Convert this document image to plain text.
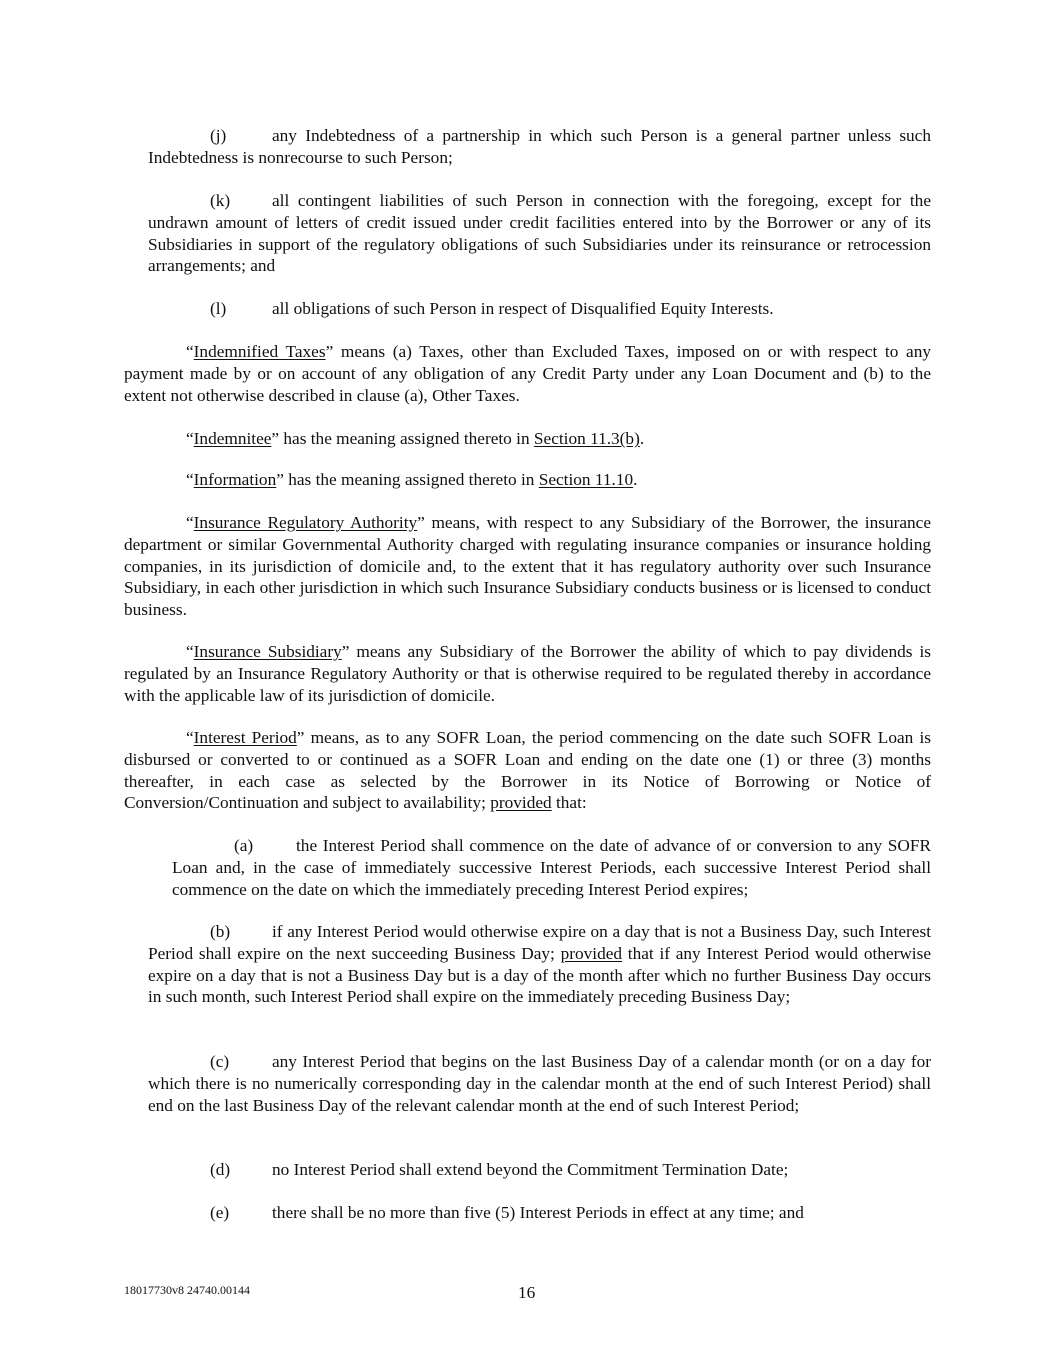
(j)	any Indebtedness of a partnership in which such Person is a general partner unless such Indebtedness is nonrecourse to such Person;

(k)	all contingent liabilities of such Person in connection with the foregoing, except for the undrawn amount of letters of credit issued under credit facilities entered into by the Borrower or any of its Subsidiaries in support of the regulatory obligations of such Subsidiaries under its reinsurance or retrocession arrangements; and

(l)	all obligations of such Person in respect of Disqualified Equity Interests.

“Indemnified Taxes” means (a) Taxes, other than Excluded Taxes, imposed on or with respect to any payment made by or on account of any obligation of any Credit Party under any Loan Document and (b) to the extent not otherwise described in clause (a), Other Taxes.

“Indemnitee” has the meaning assigned thereto in Section 11.3(b).

“Information” has the meaning assigned thereto in Section 11.10.

“Insurance Regulatory Authority” means, with respect to any Subsidiary of the Borrower, the insurance department or similar Governmental Authority charged with regulating insurance companies or insurance holding companies, in its jurisdiction of domicile and, to the extent that it has regulatory authority over such Insurance Subsidiary, in each other jurisdiction in which such Insurance Subsidiary conducts business or is licensed to conduct business.

“Insurance Subsidiary” means any Subsidiary of the Borrower the ability of which to pay dividends is regulated by an Insurance Regulatory Authority or that is otherwise required to be regulated thereby in accordance with the applicable law of its jurisdiction of domicile.

“Interest Period” means, as to any SOFR Loan, the period commencing on the date such SOFR Loan is disbursed or converted to or continued as a SOFR Loan and ending on the date one (1) or three (3) months thereafter, in each case as selected by the Borrower in its Notice of Borrowing or Notice of Conversion/Continuation and subject to availability; provided that:

(a)	the Interest Period shall commence on the date of advance of or conversion to any SOFR Loan and, in the case of immediately successive Interest Periods, each successive Interest Period shall commence on the date on which the immediately preceding Interest Period expires;

(b)	if any Interest Period would otherwise expire on a day that is not a Business Day, such Interest Period shall expire on the next succeeding Business Day; provided that if any Interest Period would otherwise expire on a day that is not a Business Day but is a day of the month after which no further Business Day occurs in such month, such Interest Period shall expire on the immediately preceding Business Day;

(c)	any Interest Period that begins on the last Business Day of a calendar month (or on a day for which there is no numerically corresponding day in the calendar month at the end of such Interest Period) shall end on the last Business Day of the relevant calendar month at the end of such Interest Period;

(d)	no Interest Period shall extend beyond the Commitment Termination Date;

(e)	there shall be no more than five (5) Interest Periods in effect at any time; and

18017730v8 24740.00144	16
